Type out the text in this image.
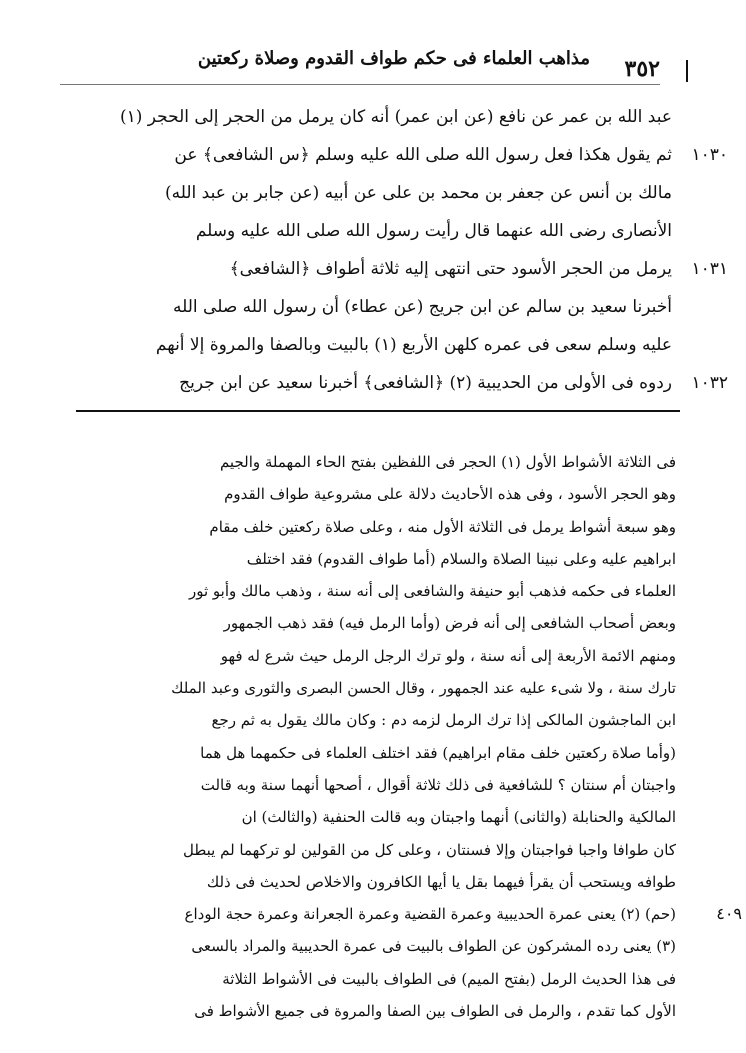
٣٥٢
مذاهب العلماء فى حكم طواف القدوم وصلاة ركعتين
عبد الله بن عمر عن نافع (عن ابن عمر) أنه كان يرمل من الحجر إلى الحجر (١)
١٠٣٠
ثم يقول هكذا فعل رسول الله صلى الله عليه وسلم ﴿س الشافعى﴾ عن
مالك بن أنس عن جعفر بن محمد بن على عن أبيه (عن جابر بن عبد الله)
الأنصارى رضى الله عنهما قال رأيت رسول الله صلى الله عليه وسلم
١٠٣١
يرمل من الحجر الأسود حتى انتهى إليه ثلاثة أطواف ﴿الشافعى﴾
أخبرنا سعيد بن سالم عن ابن جريج (عن عطاء) أن رسول الله صلى الله
عليه وسلم سعى فى عمره كلهن الأربع (١) بالبيت وبالصفا والمروة إلا أنهم
١٠٣٢
ردوه فى الأولى من الحديبية (٢) ﴿الشافعى﴾ أخبرنا سعيد عن ابن جريج
فى الثلاثة الأشواط الأول (١) الحجر فى اللفظين بفتح الحاء المهملة والجيم
وهو الحجر الأسود ، وفى هذه الأحاديث دلالة على مشروعية طواف القدوم
وهو سبعة أشواط يرمل فى الثلاثة الأول منه ، وعلى صلاة ركعتين خلف مقام
ابراهيم عليه وعلى نبينا الصلاة والسلام (أما طواف القدوم) فقد اختلف
العلماء فى حكمه فذهب أبو حنيفة والشافعى إلى أنه سنة ، وذهب مالك وأبو ثور
وبعض أصحاب الشافعى إلى أنه فرض (وأما الرمل فيه) فقد ذهب الجمهور
ومنهم الائمة الأربعة إلى أنه سنة ، ولو ترك الرجل الرمل حيث شرع له فهو
تارك سنة ، ولا شىء عليه عند الجمهور ، وقال الحسن البصرى والثورى وعبد الملك
ابن الماجشون المالكى إذا ترك الرمل لزمه دم : وكان مالك يقول به ثم رجع
(وأما صلاة ركعتين خلف مقام ابراهيم) فقد اختلف العلماء فى حكمهما هل هما
واجبتان أم سنتان ؟ للشافعية فى ذلك ثلاثة أقوال ، أصحها أنهما سنة وبه قالت
المالكية والحنابلة (والثانى) أنهما واجبتان وبه قالت الحنفية (والثالث) ان
كان طوافا واجبا فواجبتان وإلا فسنتان ، وعلى كل من القولين لو تركهما لم يبطل
طوافه ويستحب أن يقرأ فيهما بقل يا أيها الكافرون والاخلاص لحديث فى ذلك
٤٠٩
(حم) (٢) يعنى عمرة الحديبية وعمرة القضية وعمرة الجعرانة وعمرة حجة الوداع
(٣) يعنى رده المشركون عن الطواف بالبيت فى عمرة الحديبية والمراد بالسعى
فى هذا الحديث الرمل (بفتح الميم) فى الطواف بالبيت فى الأشواط الثلاثة
الأول كما تقدم ، والرمل فى الطواف بين الصفا والمروة فى جميع الأشواط فى
